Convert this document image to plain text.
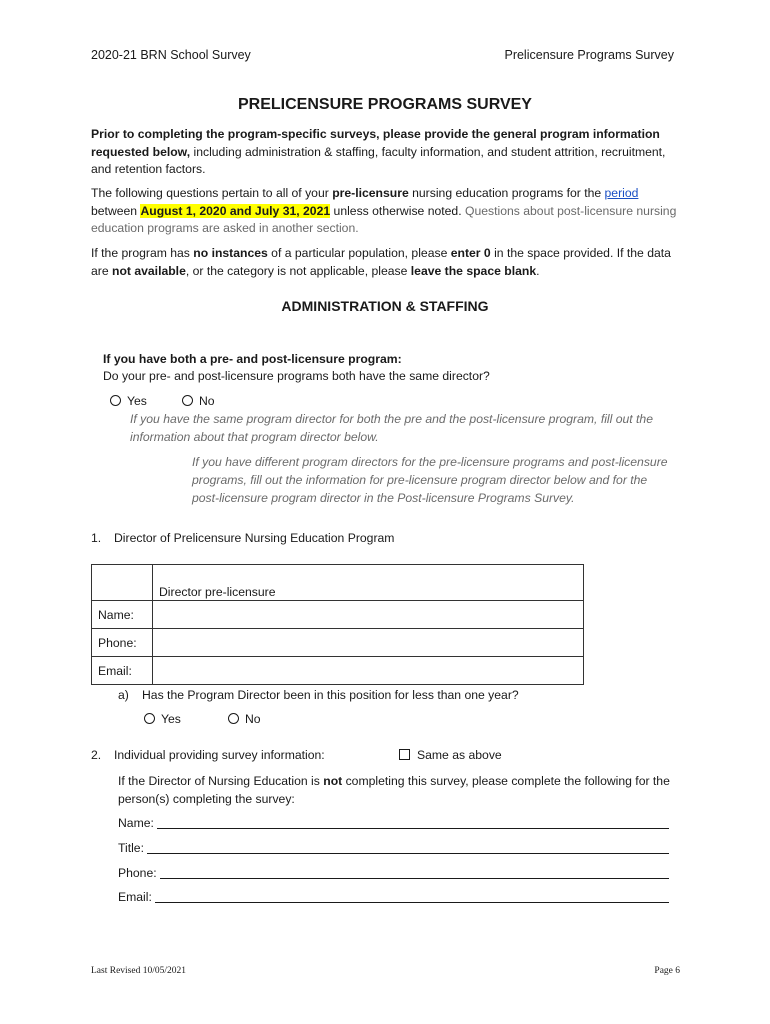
2020-21 BRN School Survey	Prelicensure Programs Survey
PRELICENSURE PROGRAMS SURVEY
Prior to completing the program-specific surveys, please provide the general program information requested below, including administration & staffing, faculty information, and student attrition, recruitment, and retention factors.
The following questions pertain to all of your pre-licensure nursing education programs for the period
between August 1, 2020 and July 31, 2021 unless otherwise noted. Questions about post-licensure nursing education programs are asked in another section.
If the program has no instances of a particular population, please enter 0 in the space provided. If the data are not available, or the category is not applicable, please leave the space blank.
ADMINISTRATION & STAFFING
If you have both a pre- and post-licensure program:
Do your pre- and post-licensure programs both have the same director?
Yes	No
If you have the same program director for both the pre and the post-licensure program, fill out the information about that program director below.
If you have different program directors for the pre-licensure programs and post-licensure programs, fill out the information for pre-licensure program director below and for the post-licensure program director in the Post-licensure Programs Survey.
1. Director of Prelicensure Nursing Education Program
	Director pre-licensure
Name:	
Phone:	
Email:	
a) Has the Program Director been in this position for less than one year?
Yes	No
2. Individual providing survey information:	Same as above
If the Director of Nursing Education is not completing this survey, please complete the following for the person(s) completing the survey:
Name:
Title:
Phone:
Email:
Last Revised 10/05/2021	Page 6
